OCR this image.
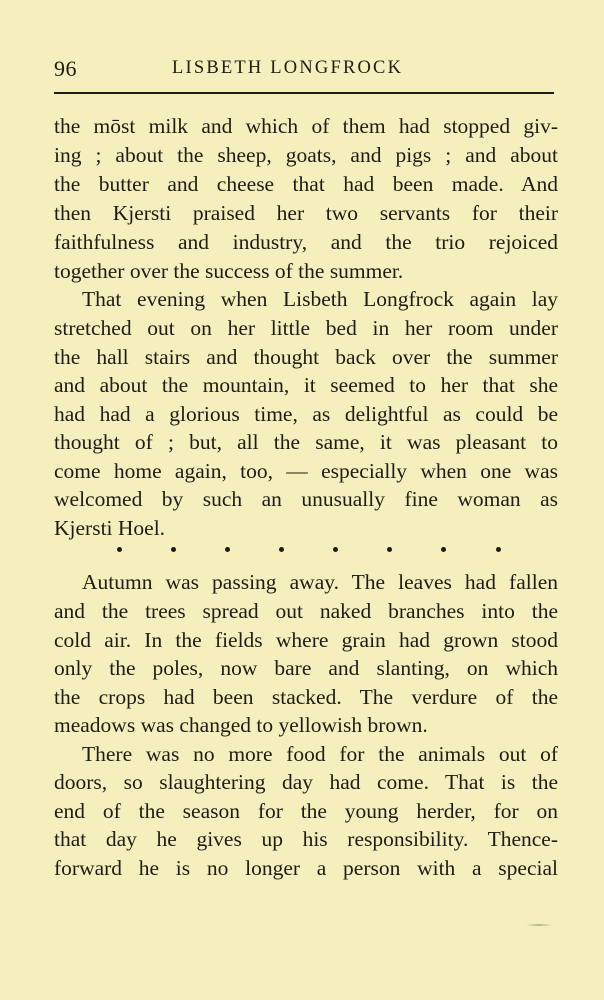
96	LISBETH LONGFROCK
the mōst milk and which of them had stopped giv-
ing ; about the sheep, goats, and pigs ; and about
the butter and cheese that had been made. And
then Kjersti praised her two servants for their
faithfulness and industry, and the trio rejoiced
together over the success of the summer.
That evening when Lisbeth Longfrock again lay
stretched out on her little bed in her room under
the hall stairs and thought back over the summer
and about the mountain, it seemed to her that she
had had a glorious time, as delightful as could be
thought of ; but, all the same, it was pleasant to
come home again, too, — especially when one was
welcomed by such an unusually fine woman as
Kjersti Hoel.
Autumn was passing away. The leaves had fallen
and the trees spread out naked branches into the
cold air. In the fields where grain had grown stood
only the poles, now bare and slanting, on which
the crops had been stacked. The verdure of the
meadows was changed to yellowish brown.
There was no more food for the animals out of
doors, so slaughtering day had come. That is the
end of the season for the young herder, for on
that day he gives up his responsibility. Thence-
forward he is no longer a person with a special
